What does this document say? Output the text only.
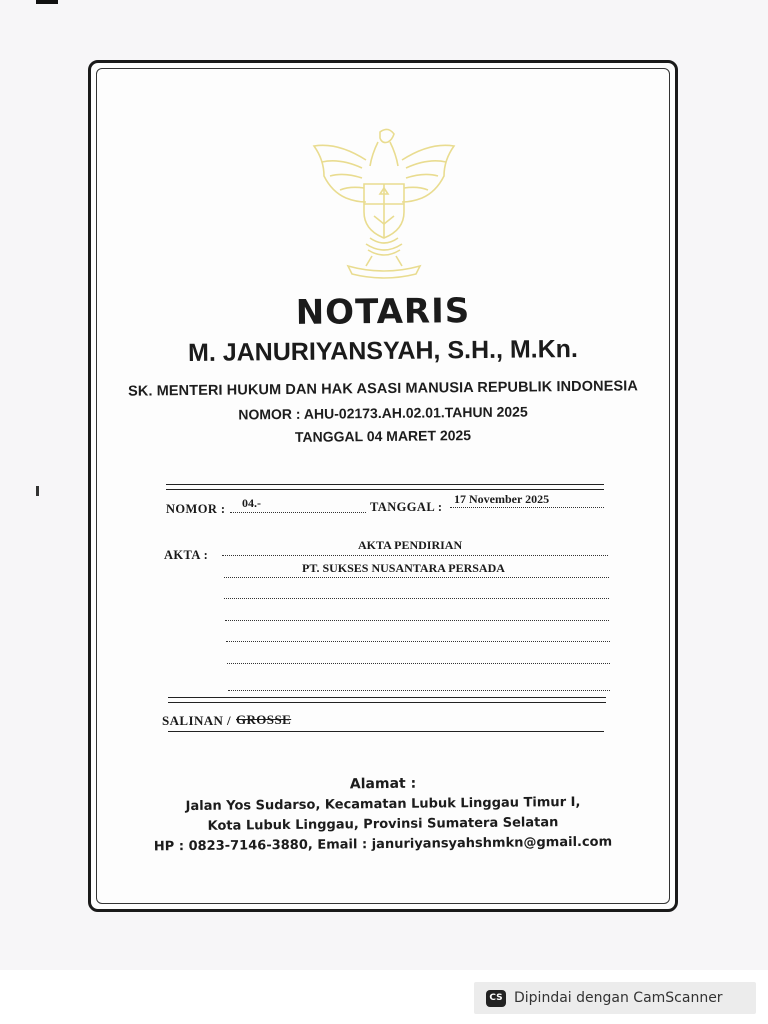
NOTARIS
M. JANURIYANSYAH, S.H., M.Kn.
SK. MENTERI HUKUM DAN HAK ASASI MANUSIA REPUBLIK INDONESIA
NOMOR : AHU-02173.AH.02.01.TAHUN 2025
TANGGAL 04 MARET 2025
NOMOR : 04.-	TANGGAL :
17 November 2025
AKTA :
AKTA PENDIRIAN
PT. SUKSES NUSANTARA PERSADA
SALINAN / GROSSE
Alamat :
Jalan Yos Sudarso, Kecamatan Lubuk Linggau Timur I,
Kota Lubuk Linggau, Provinsi Sumatera Selatan
HP : 0823-7146-3880, Email : januriyansyahshmkn@gmail.com
CS Dipindai dengan CamScanner
